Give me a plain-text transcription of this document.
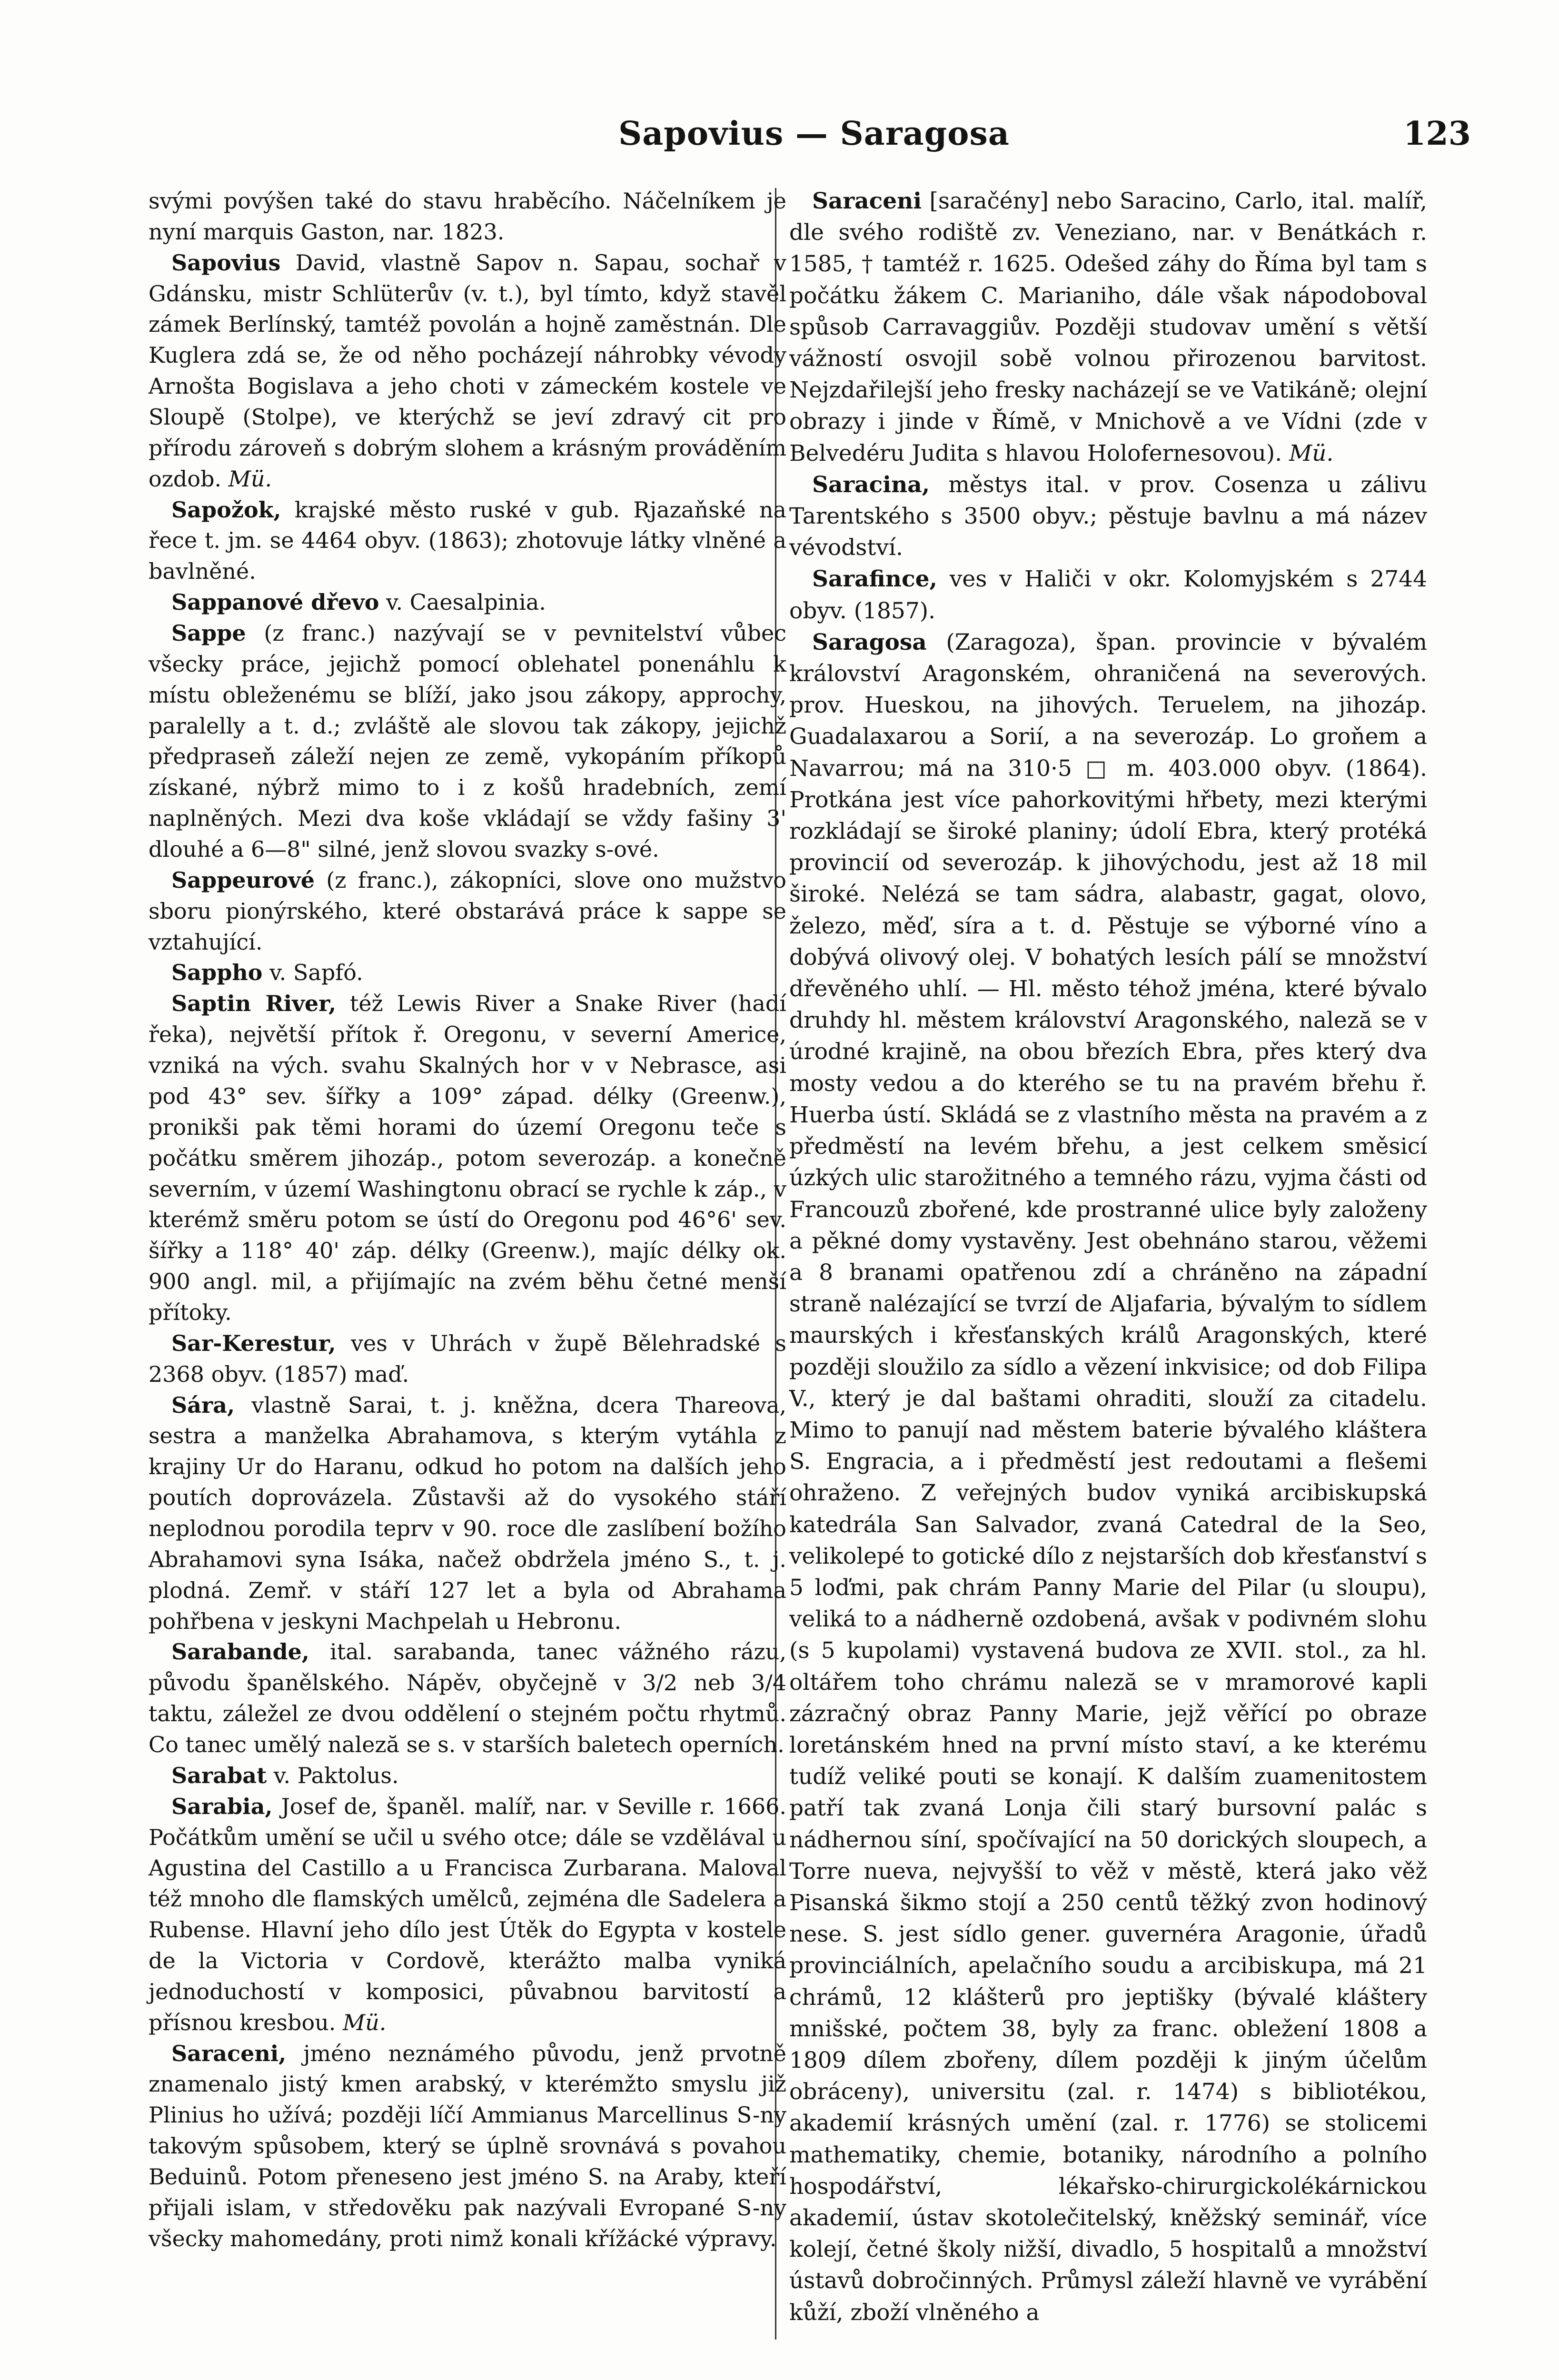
Sapovius — Saragosa	123

svými povýšen také do stavu hraběcího. Náčelníkem je nyní marquis Gaston, nar. 1823.

Sapovius David, vlastně Sapov n. Sapau, sochař v Gdánsku, mistr Schlüterův (v. t.), byl tímto, když stavěl zámek Berlínský, tamtéž povolán a hojně zaměstnán. Dle Kuglera zdá se, že od něho pocházejí náhrobky vévody Arnošta Bogislava a jeho choti v zámeckém kostele ve Sloupě (Stolpe), ve kterýchž se jeví zdravý cit pro přírodu zároveň s dobrým slohem a krásným prováděním ozdob. Mü.

Sapožok, krajské město ruské v gub. Rjazaňské na řece t. jm. se 4464 obyv. (1863); zhotovuje látky vlněné a bavlněné.

Sappanové dřevo v. Caesalpinia.

Sappe (z franc.) nazývají se v pevnitelství vůbec všecky práce, jejichž pomocí oblehatel ponenáhlu k místu obleženému se blíží, jako jsou zákopy, approchy, paralelly a t. d.; zvláště ale slovou tak zákopy, jejichž předpraseň záleží nejen ze země, vykopáním příkopů získané, nýbrž mimo to i z košů hradebních, zemí naplněných. Mezi dva koše vkládají se vždy fašiny 3' dlouhé a 6—8" silné, jenž slovou svazky s-ové.

Sappeurové (z franc.), zákopníci, slove ono mužstvo sboru pionýrského, které obstarává práce k sappe se vztahující.

Sappho v. Sapfó.

Saptin River, též Lewis River a Snake River (hadí řeka), největší přítok ř. Oregonu, v severní Americe, vzniká na vých. svahu Skalných hor v v Nebrasce, asi pod 43° sev. šířky a 109° západ. délky (Greenw.), pronikši pak těmi horami do území Oregonu teče s počátku směrem jihozáp., potom severozáp. a konečně severním, v území Washingtonu obrací se rychle k záp., v kterémž směru potom se ústí do Oregonu pod 46°6' sev. šířky a 118° 40' záp. délky (Greenw.), majíc délky ok. 900 angl. mil, a přijímajíc na zvém běhu četné menší přítoky.

Sar-Kerestur, ves v Uhrách v župě Bělehradské s 2368 obyv. (1857) maď.

Sára, vlastně Sarai, t. j. kněžna, dcera Thareova, sestra a manželka Abrahamova, s kterým vytáhla z krajiny Ur do Haranu, odkud ho potom na dalších jeho poutích doprovázela. Zůstavši až do vysokého stáří neplodnou porodila teprv v 90. roce dle zaslíbení božího Abrahamovi syna Isáka, načež obdržela jméno S., t. j. plodná. Zemř. v stáří 127 let a byla od Abrahama pohřbena v jeskyni Machpelah u Hebronu.

Sarabande, ital. sarabanda, tanec vážného rázu, původu španělského. Nápěv, obyčejně v 3/2 neb 3/4 taktu, záležel ze dvou oddělení o stejném počtu rhytmů. Co tanec umělý naleză se s. v starších baletech operních.

Sarabat v. Paktolus.

Sarabia, Josef de, španěl. malíř, nar. v Seville r. 1666. Počátkům umění se učil u svého otce; dále se vzdělával u Agustina del Castillo a u Francisca Zurbarana. Maloval též mnoho dle flamských umělců, zejména dle Sadelera a Rubense. Hlavní jeho dílo jest Útěk do Egypta v kostele de la Victoria v Cordově, kterážto malba vyniká jednoduchostí v komposici, půvabnou barvitostí a přísnou kresbou. Mü.

Saraceni, jméno neznámého původu, jenž prvotně znamenalo jistý kmen arabský, v kterémžto smyslu již Plinius ho užívá; později líčí Ammianus Marcellinus S-ny takovým spůsobem, který se úplně srovnává s povahou Beduinů. Potom přeneseno jest jméno S. na Araby, kteří přijali islam, v středověku pak nazývali Evropané S-ny všecky mahomedány, proti nimž konali křížácké výpravy.

Saraceni [saračény] nebo Saracino, Carlo, ital. malíř, dle svého rodiště zv. Veneziano, nar. v Benátkách r. 1585, † tamtéž r. 1625. Odešed záhy do Říma byl tam s počátku žákem C. Marianiho, dále však nápodoboval spůsob Carravaggiův. Později studovav umění s větší vážností osvojil sobě volnou přirozenou barvitost. Nejzdařilejší jeho fresky nacházejí se ve Vatikáně; olejní obrazy i jinde v Římě, v Mnichově a ve Vídni (zde v Belvedéru Judita s hlavou Holofernesovou). Mü.

Saracina, městys ital. v prov. Cosenza u zálivu Tarentského s 3500 obyv.; pěstuje bavlnu a má název vévodství.

Sarafince, ves v Haliči v okr. Kolomyjském s 2744 obyv. (1857).

Saragosa (Zaragoza), špan. provincie v bývalém království Aragonském, ohraničená na severových. prov. Hueskou, na jihových. Teruelem, na jihozáp. Guadalaxarou a Sorií, a na severozáp. Lo groňem a Navarrou; má na 310·5 □ m. 403.000 obyv. (1864). Protkána jest více pahorkovitými hřbety, mezi kterými rozkládají se široké planiny; údolí Ebra, který protéká provincií od severozáp. k jihovýchodu, jest až 18 mil široké. Nelézá se tam sádra, alabastr, gagat, olovo, železo, měď, síra a t. d. Pěstuje se výborné víno a dobývá olivový olej. V bohatých lesích pálí se množství dřevěného uhlí. — Hl. město téhož jména, které bývalo druhdy hl. městem království Aragonského, naleză se v úrodné krajině, na obou březích Ebra, přes který dva mosty vedou a do kterého se tu na pravém břehu ř. Huerba ústí. Skládá se z vlastního města na pravém a z předměstí na levém břehu, a jest celkem směsicí úzkých ulic starožitného a temného rázu, vyjma části od Francouzů zbořené, kde prostranné ulice byly založeny a pěkné domy vystavěny. Jest obehnáno starou, věžemi a 8 branami opatřenou zdí a chráněno na západní straně nalézající se tvrzí de Aljafaria, bývalým to sídlem maurských i křesťanských králů Aragonských, které později sloužilo za sídlo a vězení inkvisice; od dob Filipa V., který je dal baštami ohraditi, slouží za citadelu. Mimo to panují nad městem baterie bývalého kláštera S. Engracia, a i předměstí jest redoutami a flešemi ohraženo. Z veřejných budov vyniká arcibiskupská katedrála San Salvador, zvaná Catedral de la Seo, velikolepé to gotické dílo z nejstarších dob křesťanství s 5 loďmi, pak chrám Panny Marie del Pilar (u sloupu), veliká to a nádherně ozdobená, avšak v podivném slohu (s 5 kupolami) vystavená budova ze XVII. stol., za hl. oltářem toho chrámu naleză se v mramorové kapli zázračný obraz Panny Marie, jejž věřící po obraze loretánském hned na první místo staví, a ke kterému tudíž veliké pouti se konají. K dalším zuamenitostem patří tak zvaná Lonja čili starý bursovní palác s nádhernou síní, spočívající na 50 dorických sloupech, a Torre nueva, nejvyšší to věž v městě, která jako věž Pisanská šikmo stojí a 250 centů těžký zvon hodinový nese. S. jest sídlo gener. guvernéra Aragonie, úřadů provinciálních, apelačního soudu a arcibiskupa, má 21 chrámů, 12 klášterů pro jeptišky (bývalé kláštery mnišské, počtem 38, byly za franc. obležení 1808 a 1809 dílem zbořeny, dílem později k jiným účelům obráceny), universitu (zal. r. 1474) s bibliotékou, akademií krásných umění (zal. r. 1776) se stolicemi mathematiky, chemie, botaniky, národního a polního hospodářství, lékařsko-chirurgickolékárnickou akademií, ústav skotolečitelský, kněžský seminář, více kolejí, četné školy nižší, divadlo, 5 hospitalů a množství ústavů dobročinných. Průmysl záleží hlavně ve vyrábění kůží, zboží vlněného a
